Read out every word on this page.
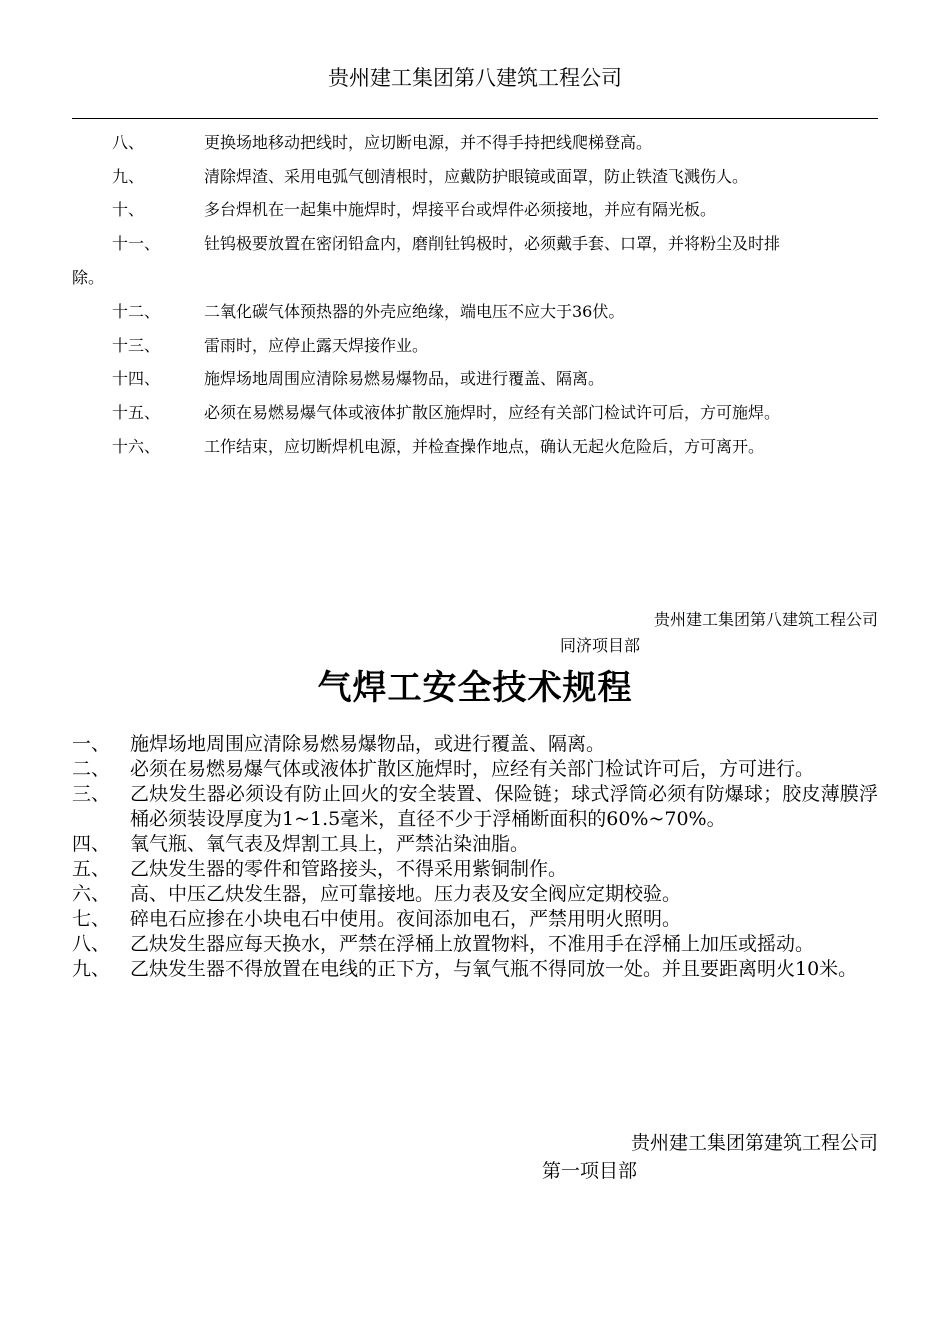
贵州建工集团第八建筑工程公司
八、	更换场地移动把线时，应切断电源，并不得手持把线爬梯登高。
九、	清除焊渣、采用电弧气刨清根时，应戴防护眼镜或面罩，防止铁渣飞溅伤人。
十、	多台焊机在一起集中施焊时，焊接平台或焊件必须接地，并应有隔光板。
十一、	钍钨极要放置在密闭铅盒内，磨削钍钨极时，必须戴手套、口罩，并将粉尘及时排
除。
十二、	二氧化碳气体预热器的外壳应绝缘，端电压不应大于36伏。
十三、	雷雨时，应停止露天焊接作业。
十四、	施焊场地周围应清除易燃易爆物品，或进行覆盖、隔离。
十五、	必须在易燃易爆气体或液体扩散区施焊时，应经有关部门检试许可后，方可施焊。
十六、	工作结束，应切断焊机电源，并检查操作地点，确认无起火危险后，方可离开。
贵州建工集团第八建筑工程公司
同济项目部
气焊工安全技术规程
一、 施焊场地周围应清除易燃易爆物品，或进行覆盖、隔离。
二、 必须在易燃易爆气体或液体扩散区施焊时，应经有关部门检试许可后，方可进行。
三、 乙炔发生器必须设有防止回火的安全装置、保险链；球式浮筒必须有防爆球；胶皮薄膜浮桶必须装设厚度为1~1.5毫米，直径不少于浮桶断面积的60%~70%。
四、 氧气瓶、氧气表及焊割工具上，严禁沾染油脂。
五、 乙炔发生器的零件和管路接头，不得采用紫铜制作。
六、 高、中压乙炔发生器，应可靠接地。压力表及安全阀应定期校验。
七、 碎电石应掺在小块电石中使用。夜间添加电石，严禁用明火照明。
八、 乙炔发生器应每天换水，严禁在浮桶上放置物料，不准用手在浮桶上加压或摇动。
九、 乙炔发生器不得放置在电线的正下方，与氧气瓶不得同放一处。并且要距离明火10米。
贵州建工集团第建筑工程公司
第一项目部
